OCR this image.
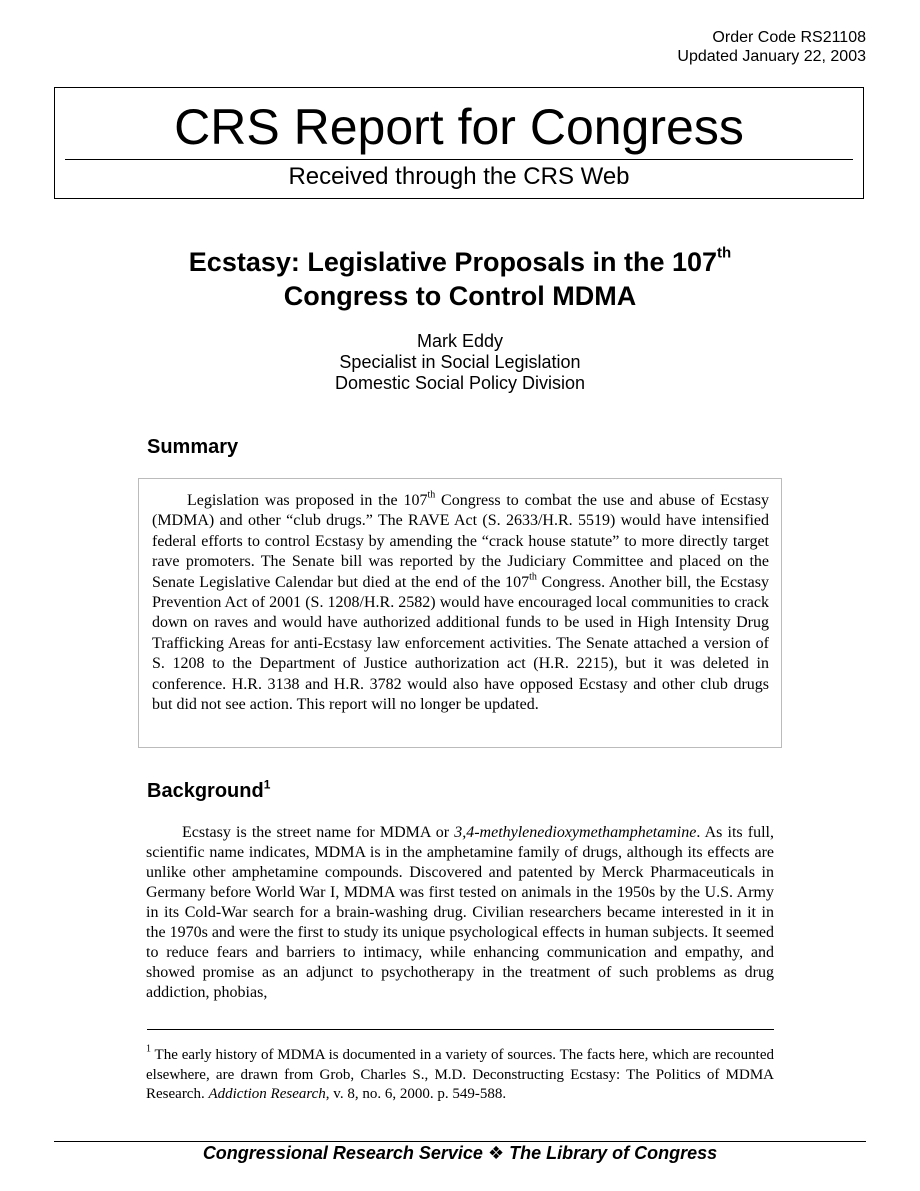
Order Code RS21108
Updated January 22, 2003
CRS Report for Congress
Received through the CRS Web
Ecstasy: Legislative Proposals in the 107th
Congress to Control MDMA
Mark Eddy
Specialist in Social Legislation
Domestic Social Policy Division
Summary

Legislation was proposed in the 107th Congress to combat the use and abuse of Ecstasy (MDMA) and other “club drugs.” The RAVE Act (S. 2633/H.R. 5519) would have intensified federal efforts to control Ecstasy by amending the “crack house statute” to more directly target rave promoters. The Senate bill was reported by the Judiciary Committee and placed on the Senate Legislative Calendar but died at the end of the 107th Congress. Another bill, the Ecstasy Prevention Act of 2001 (S. 1208/H.R. 2582) would have encouraged local communities to crack down on raves and would have authorized additional funds to be used in High Intensity Drug Trafficking Areas for anti-Ecstasy law enforcement activities. The Senate attached a version of S. 1208 to the Department of Justice authorization act (H.R. 2215), but it was deleted in conference. H.R. 3138 and H.R. 3782 would also have opposed Ecstasy and other club drugs but did not see action. This report will no longer be updated.

Background$^1$

Ecstasy is the street name for MDMA or 3,4-methylenedioxymethamphetamine. As its full, scientific name indicates, MDMA is in the amphetamine family of drugs, although its effects are unlike other amphetamine compounds. Discovered and patented by Merck Pharmaceuticals in Germany before World War I, MDMA was first tested on animals in the 1950s by the U.S. Army in its Cold-War search for a brain-washing drug. Civilian researchers became interested in it in the 1970s and were the first to study its unique psychological effects in human subjects. It seemed to reduce fears and barriers to intimacy, while enhancing communication and empathy, and showed promise as an adjunct to psychotherapy in the treatment of such problems as drug addiction, phobias,

$^1$ The early history of MDMA is documented in a variety of sources. The facts here, which are recounted elsewhere, are drawn from Grob, Charles S., M.D. Deconstructing Ecstasy: The Politics of MDMA Research. Addiction Research, v. 8, no. 6, 2000. p. 549-588.

Congressional Research Service ❖ The Library of Congress
